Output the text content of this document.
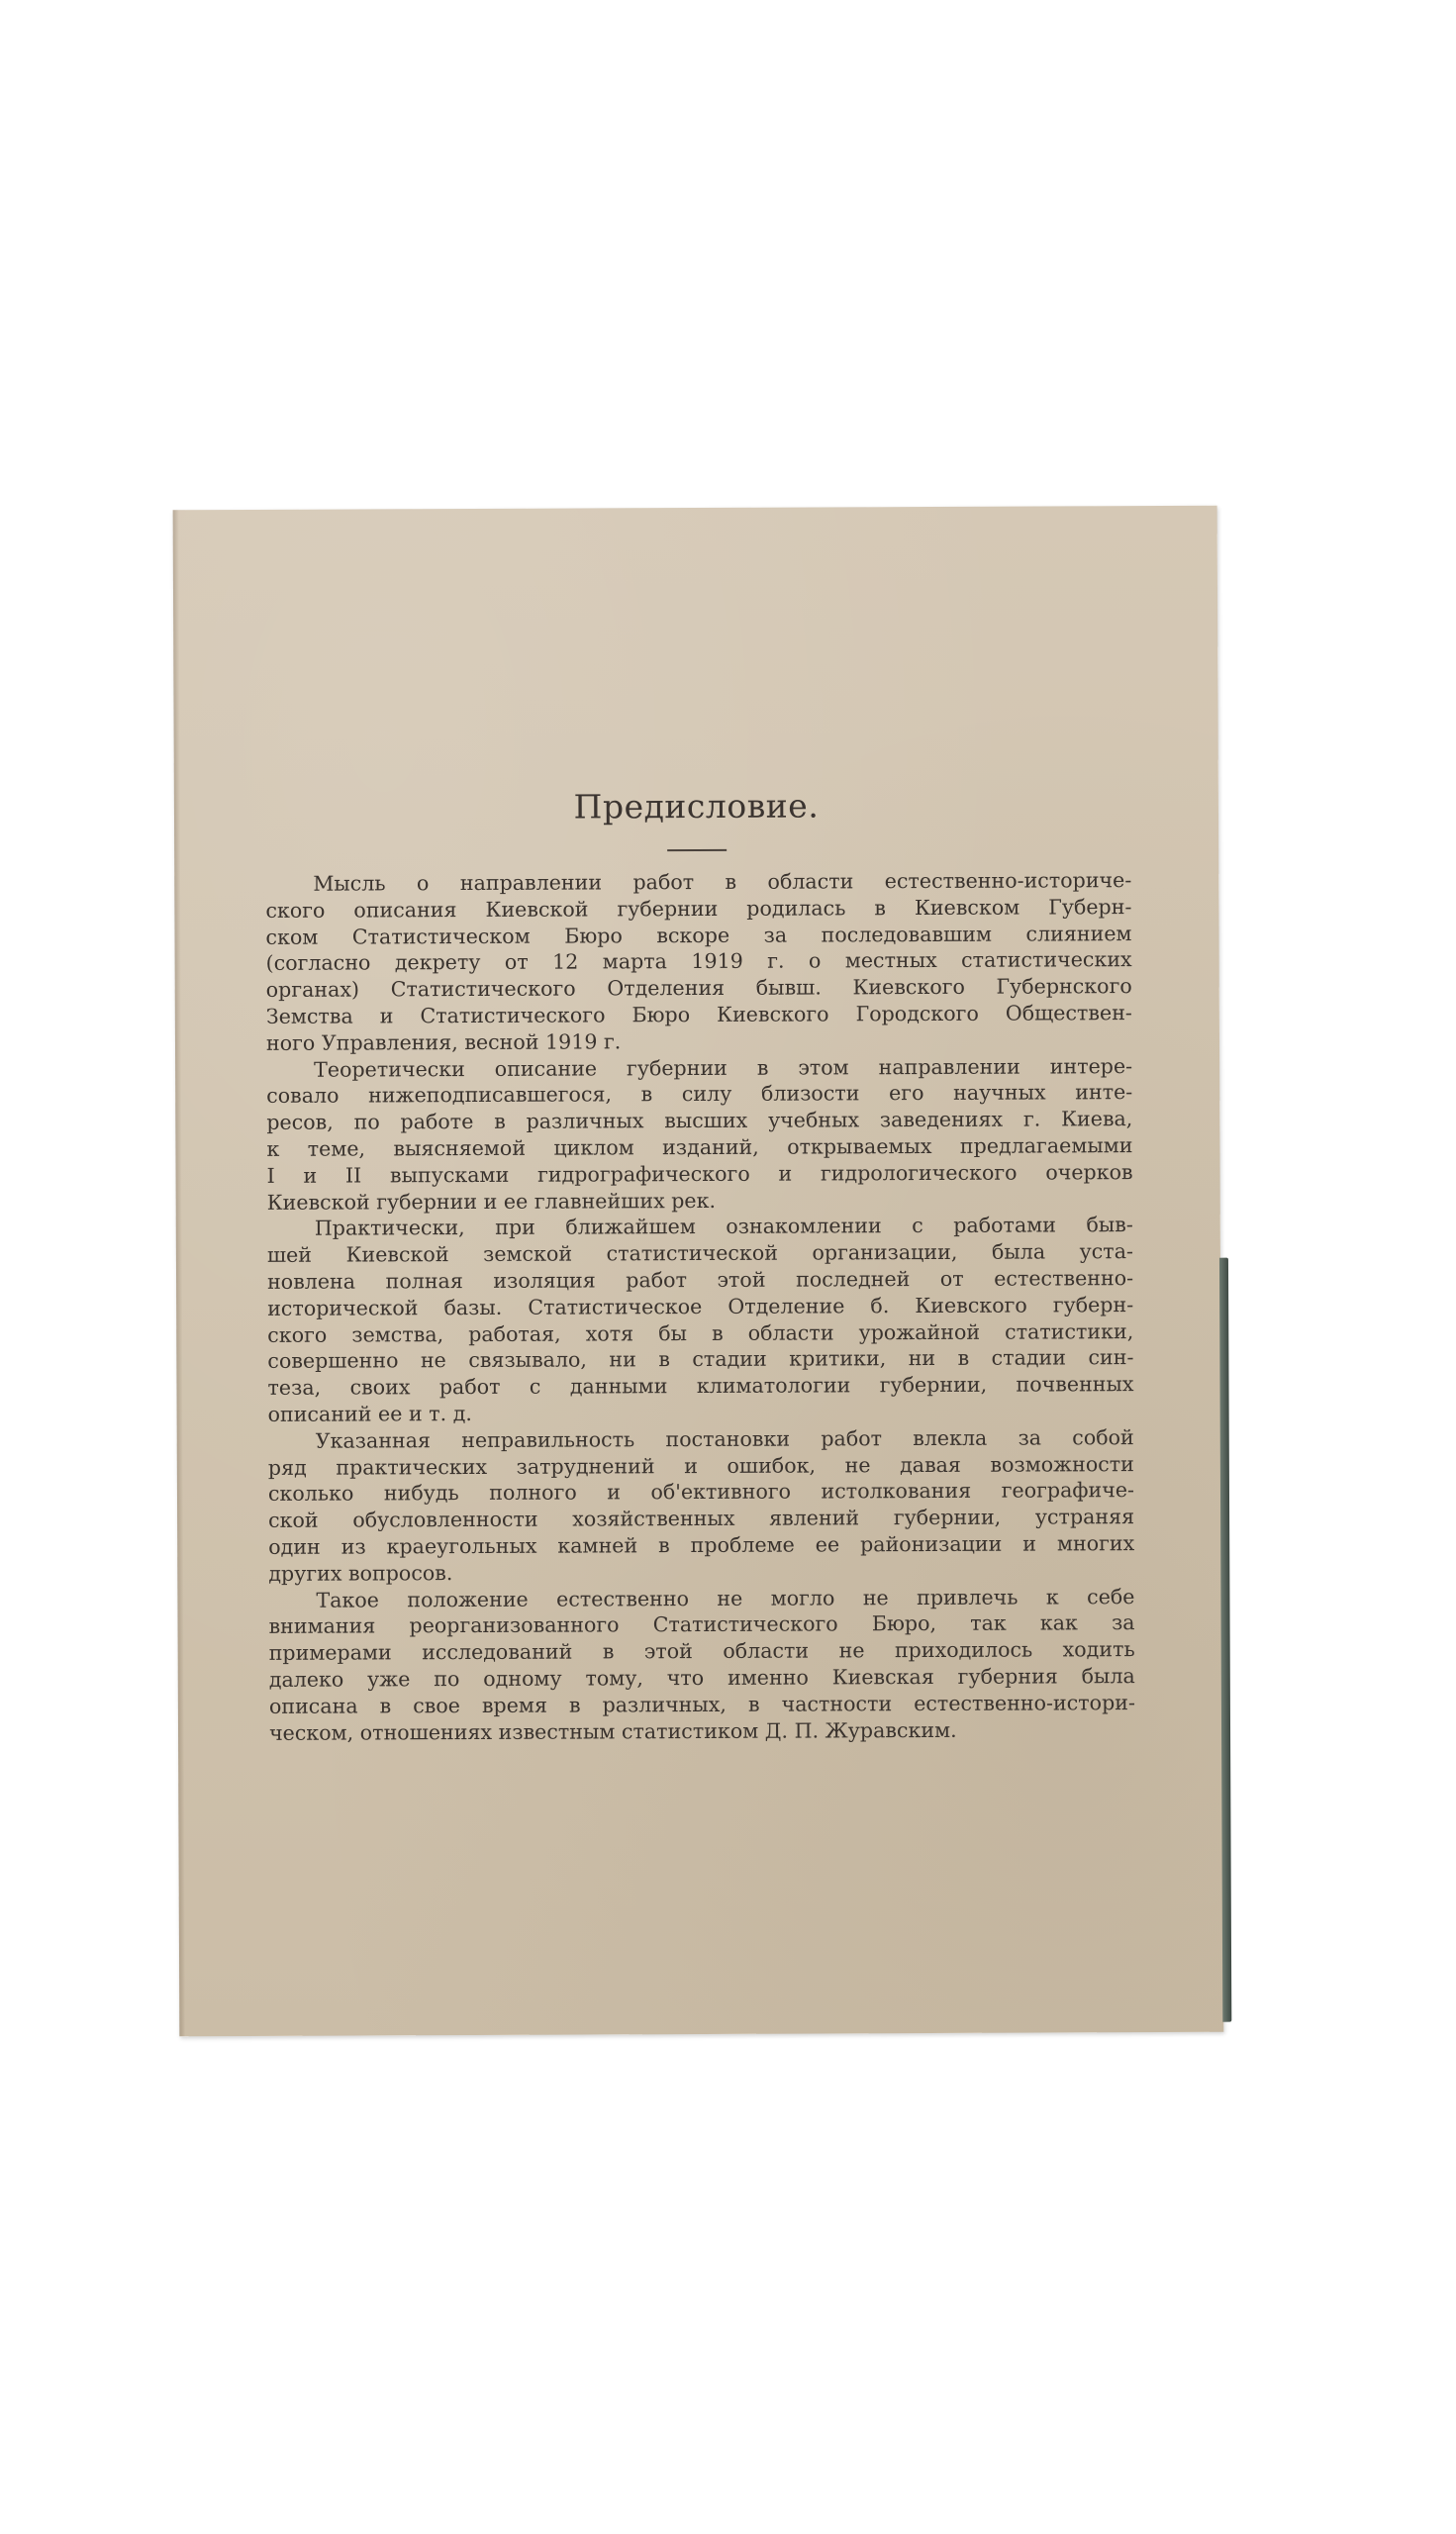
Предисловие.
Мысль о направлении работ в области естественно-историче-
ского описания Киевской губернии родилась в Киевском Губерн-
ском Статистическом Бюро вскоре за последовавшим слиянием
(согласно декрету от 12 марта 1919 г. о местных статистических
органах) Статистического Отделения бывш. Киевского Губернского
Земства и Статистического Бюро Киевского Городского Обществен-
ного Управления, весной 1919 г.
Теоретически описание губернии в этом направлении интере-
совало нижеподписавшегося, в силу близости его научных инте-
ресов, по работе в различных высших учебных заведениях г. Киева,
к теме, выясняемой циклом изданий, открываемых предлагаемыми
I и II выпусками гидрографического и гидрологического очерков
Киевской губернии и ее главнейших рек.
Практически, при ближайшем ознакомлении с работами быв-
шей Киевской земской статистической организации, была уста-
новлена полная изоляция работ этой последней от естественно-
исторической базы. Статистическое Отделение б. Киевского губерн-
ского земства, работая, хотя бы в области урожайной статистики,
совершенно не связывало, ни в стадии критики, ни в стадии син-
теза, своих работ с данными климатологии губернии, почвенных
описаний ее и т. д.
Указанная неправильность постановки работ влекла за собой
ряд практических затруднений и ошибок, не давая возможности
сколько нибудь полного и об'ективного истолкования географиче-
ской обусловленности хозяйственных явлений губернии, устраняя
один из краеугольных камней в проблеме ее районизации и многих
других вопросов.
Такое положение естественно не могло не привлечь к себе
внимания реорганизованного Статистического Бюро, так как за
примерами исследований в этой области не приходилось ходить
далеко уже по одному тому, что именно Киевская губерния была
описана в свое время в различных, в частности естественно-истори-
ческом, отношениях известным статистиком Д. П. Журавским.
